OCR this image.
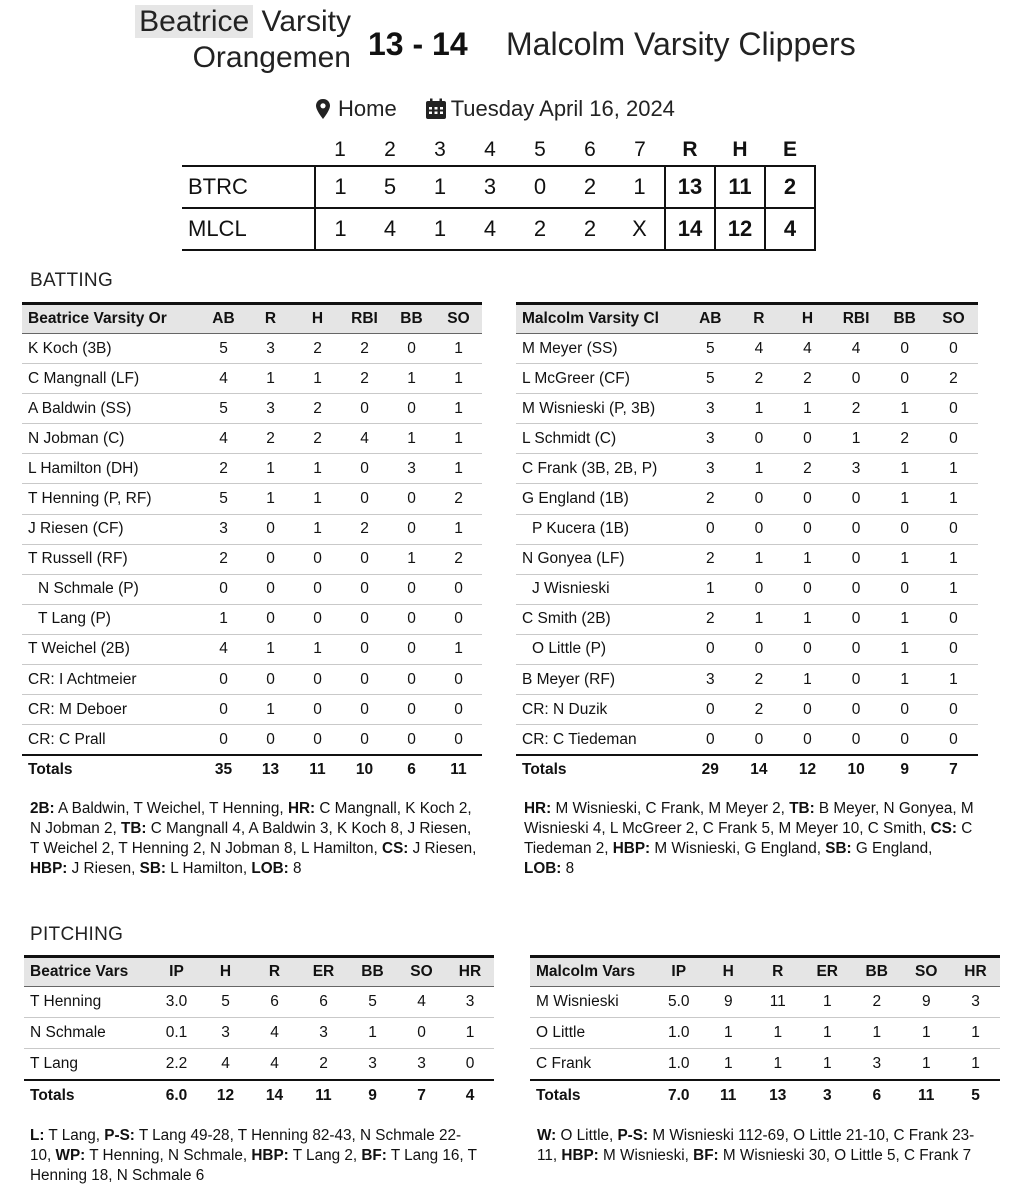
Beatrice Varsity
Orangemen 13 - 14 Malcolm Varsity Clippers
Home Tuesday April 16, 2024
	1	2	3	4	5	6	7	R	H	E
BTRC	1	5	1	3	0	2	1	13	11	2
MLCL	1	4	1	4	2	2	X	14	12	4
BATTING
Beatrice Varsity Or	AB	R	H	RBI	BB	SO
K Koch (3B)	5	3	2	2	0	1
C Mangnall (LF)	4	1	1	2	1	1
A Baldwin (SS)	5	3	2	0	0	1
N Jobman (C)	4	2	2	4	1	1
L Hamilton (DH)	2	1	1	0	3	1
T Henning (P, RF)	5	1	1	0	0	2
J Riesen (CF)	3	0	1	2	0	1
T Russell (RF)	2	0	0	0	1	2
N Schmale (P)	0	0	0	0	0	0
T Lang (P)	1	0	0	0	0	0
T Weichel (2B)	4	1	1	0	0	1
CR: I Achtmeier	0	0	0	0	0	0
CR: M Deboer	0	1	0	0	0	0
CR: C Prall	0	0	0	0	0	0
Totals	35	13	11	10	6	11
Malcolm Varsity Cl	AB	R	H	RBI	BB	SO
M Meyer (SS)	5	4	4	4	0	0
L McGreer (CF)	5	2	2	0	0	2
M Wisnieski (P, 3B)	3	1	1	2	1	0
L Schmidt (C)	3	0	0	1	2	0
C Frank (3B, 2B, P)	3	1	2	3	1	1
G England (1B)	2	0	0	0	1	1
P Kucera (1B)	0	0	0	0	0	0
N Gonyea (LF)	2	1	1	0	1	1
J Wisnieski	1	0	0	0	0	1
C Smith (2B)	2	1	1	0	1	0
O Little (P)	0	0	0	0	1	0
B Meyer (RF)	3	2	1	0	1	1
CR: N Duzik	0	2	0	0	0	0
CR: C Tiedeman	0	0	0	0	0	0
Totals	29	14	12	10	9	7
2B: A Baldwin, T Weichel, T Henning, HR: C Mangnall, K Koch 2, N Jobman 2, TB: C Mangnall 4, A Baldwin 3, K Koch 8, J Riesen, T Weichel 2, T Henning 2, N Jobman 8, L Hamilton, CS: J Riesen, HBP: J Riesen, SB: L Hamilton, LOB: 8
HR: M Wisnieski, C Frank, M Meyer 2, TB: B Meyer, N Gonyea, M Wisnieski 4, L McGreer 2, C Frank 5, M Meyer 10, C Smith, CS: C Tiedeman 2, HBP: M Wisnieski, G England, SB: G England, LOB: 8
PITCHING
Beatrice Vars	IP	H	R	ER	BB	SO	HR
T Henning	3.0	5	6	6	5	4	3
N Schmale	0.1	3	4	3	1	0	1
T Lang	2.2	4	4	2	3	3	0
Totals	6.0	12	14	11	9	7	4
Malcolm Vars	IP	H	R	ER	BB	SO	HR
M Wisnieski	5.0	9	11	1	2	9	3
O Little	1.0	1	1	1	1	1	1
C Frank	1.0	1	1	1	3	1	1
Totals	7.0	11	13	3	6	11	5
L: T Lang, P-S: T Lang 49-28, T Henning 82-43, N Schmale 22-10, WP: T Henning, N Schmale, HBP: T Lang 2, BF: T Lang 16, T Henning 18, N Schmale 6
W: O Little, P-S: M Wisnieski 112-69, O Little 21-10, C Frank 23-11, HBP: M Wisnieski, BF: M Wisnieski 30, O Little 5, C Frank 7
